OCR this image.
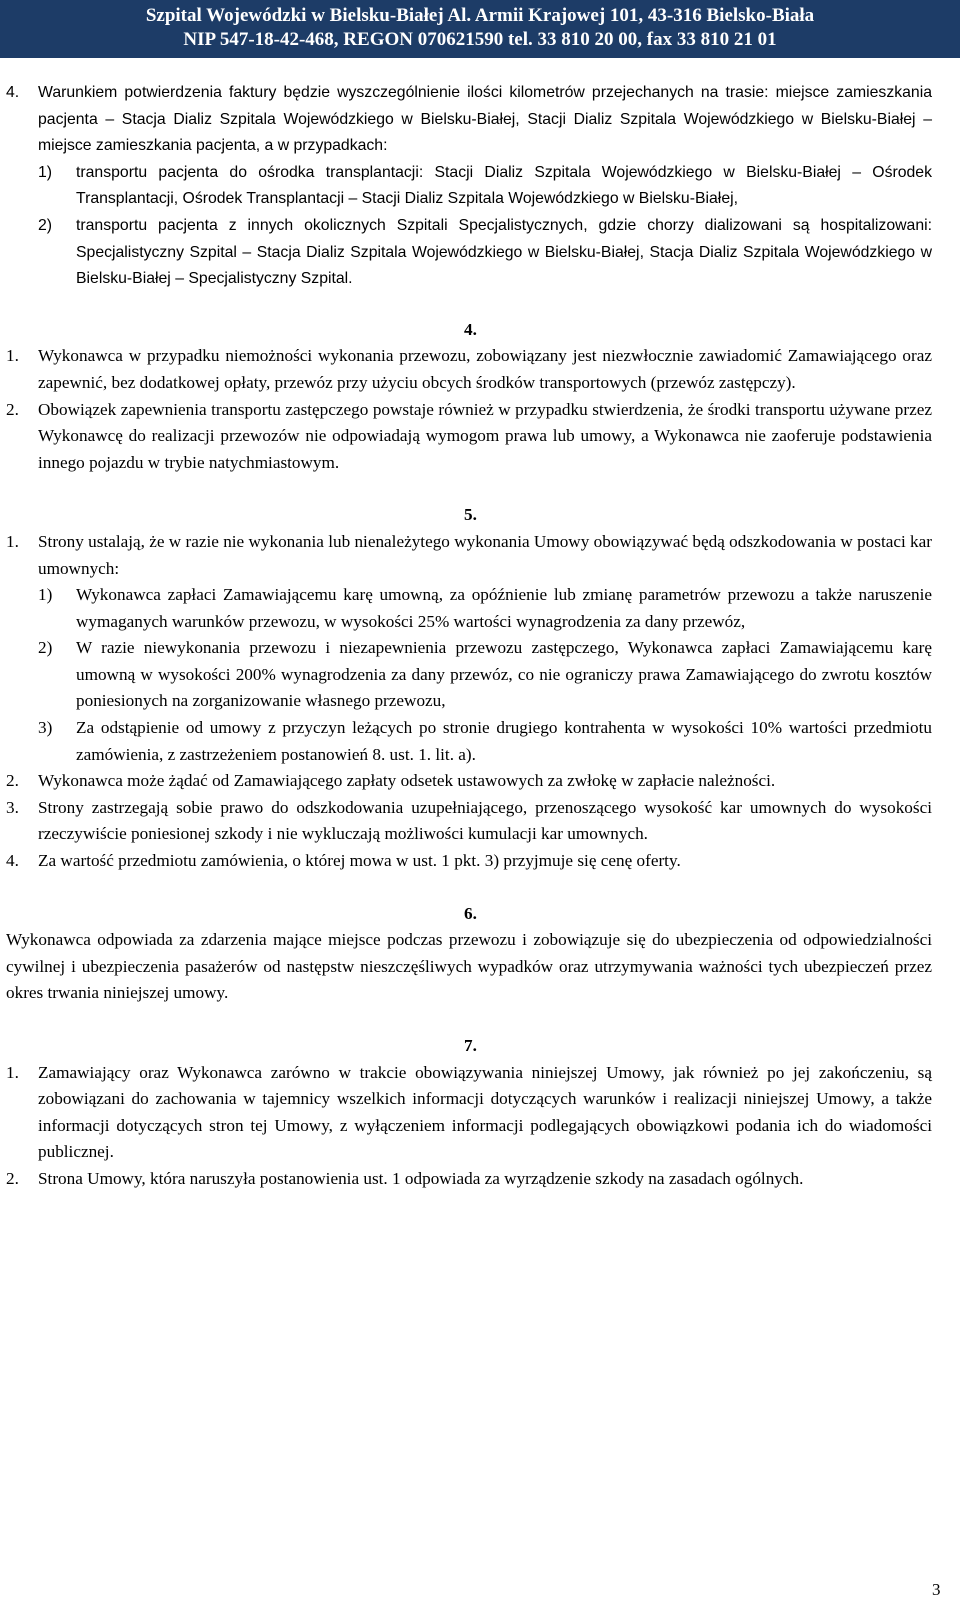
Szpital Wojewódzki w Bielsku-Białej Al. Armii Krajowej 101, 43-316 Bielsko-Biała
NIP 547-18-42-468, REGON 070621590 tel. 33 810 20 00, fax 33 810 21 01
4. Warunkiem potwierdzenia faktury będzie wyszczególnienie ilości kilometrów przejechanych na trasie: miejsce zamieszkania pacjenta – Stacja Dializ Szpitala Wojewódzkiego w Bielsku-Białej, Stacji Dializ Szpitala Wojewódzkiego w Bielsku-Białej – miejsce zamieszkania pacjenta, a w przypadkach:
1) transportu pacjenta do ośrodka transplantacji: Stacji Dializ Szpitala Wojewódzkiego w Bielsku-Białej – Ośrodek Transplantacji, Ośrodek Transplantacji – Stacji Dializ Szpitala Wojewódzkiego w Bielsku-Białej,
2) transportu pacjenta z innych okolicznych Szpitali Specjalistycznych, gdzie chorzy dializowani są hospitalizowani: Specjalistyczny Szpital – Stacja Dializ Szpitala Wojewódzkiego w Bielsku-Białej, Stacja Dializ Szpitala Wojewódzkiego w Bielsku-Białej – Specjalistyczny Szpital.
4.
1. Wykonawca w przypadku niemożności wykonania przewozu, zobowiązany jest niezwłocznie zawiadomić Zamawiającego oraz zapewnić, bez dodatkowej opłaty, przewóz przy użyciu obcych środków transportowych (przewóz zastępczy).
2. Obowiązek zapewnienia transportu zastępczego powstaje również w przypadku stwierdzenia, że środki transportu używane przez Wykonawcę do realizacji przewozów nie odpowiadają wymogom prawa lub umowy, a Wykonawca nie zaoferuje podstawienia innego pojazdu w trybie natychmiastowym.
5.
1. Strony ustalają, że w razie nie wykonania lub nienależytego wykonania Umowy obowiązywać będą odszkodowania w postaci kar umownych:
1) Wykonawca zapłaci Zamawiającemu karę umowną, za opóźnienie lub zmianę parametrów przewozu a także naruszenie wymaganych warunków przewozu, w wysokości 25% wartości wynagrodzenia za dany przewóz,
2) W razie niewykonania przewozu i niezapewnienia przewozu zastępczego, Wykonawca zapłaci Zamawiającemu karę umowną w wysokości 200% wynagrodzenia za dany przewóz, co nie ograniczy prawa Zamawiającego do zwrotu kosztów poniesionych na zorganizowanie własnego przewozu,
3) Za odstąpienie od umowy z przyczyn leżących po stronie drugiego kontrahenta w wysokości 10% wartości przedmiotu zamówienia, z zastrzeżeniem postanowień 8. ust. 1. lit. a).
2. Wykonawca może żądać od Zamawiającego zapłaty odsetek ustawowych za zwłokę w zapłacie należności.
3. Strony zastrzegają sobie prawo do odszkodowania uzupełniającego, przenoszącego wysokość kar umownych do wysokości rzeczywiście poniesionej szkody i nie wykluczają możliwości kumulacji kar umownych.
4. Za wartość przedmiotu zamówienia, o której mowa w ust. 1 pkt. 3) przyjmuje się cenę oferty.
6.
Wykonawca odpowiada za zdarzenia mające miejsce podczas przewozu i zobowiązuje się do ubezpieczenia od odpowiedzialności cywilnej i ubezpieczenia pasażerów od następstw nieszczęśliwych wypadków oraz utrzymywania ważności tych ubezpieczeń przez okres trwania niniejszej umowy.
7.
1. Zamawiający oraz Wykonawca zarówno w trakcie obowiązywania niniejszej Umowy, jak również po jej zakończeniu, są zobowiązani do zachowania w tajemnicy wszelkich informacji dotyczących warunków i realizacji niniejszej Umowy, a także informacji dotyczących stron tej Umowy, z wyłączeniem informacji podlegających obowiązkowi podania ich do wiadomości publicznej.
2. Strona Umowy, która naruszyła postanowienia ust. 1 odpowiada za wyrządzenie szkody na zasadach ogólnych.
3
